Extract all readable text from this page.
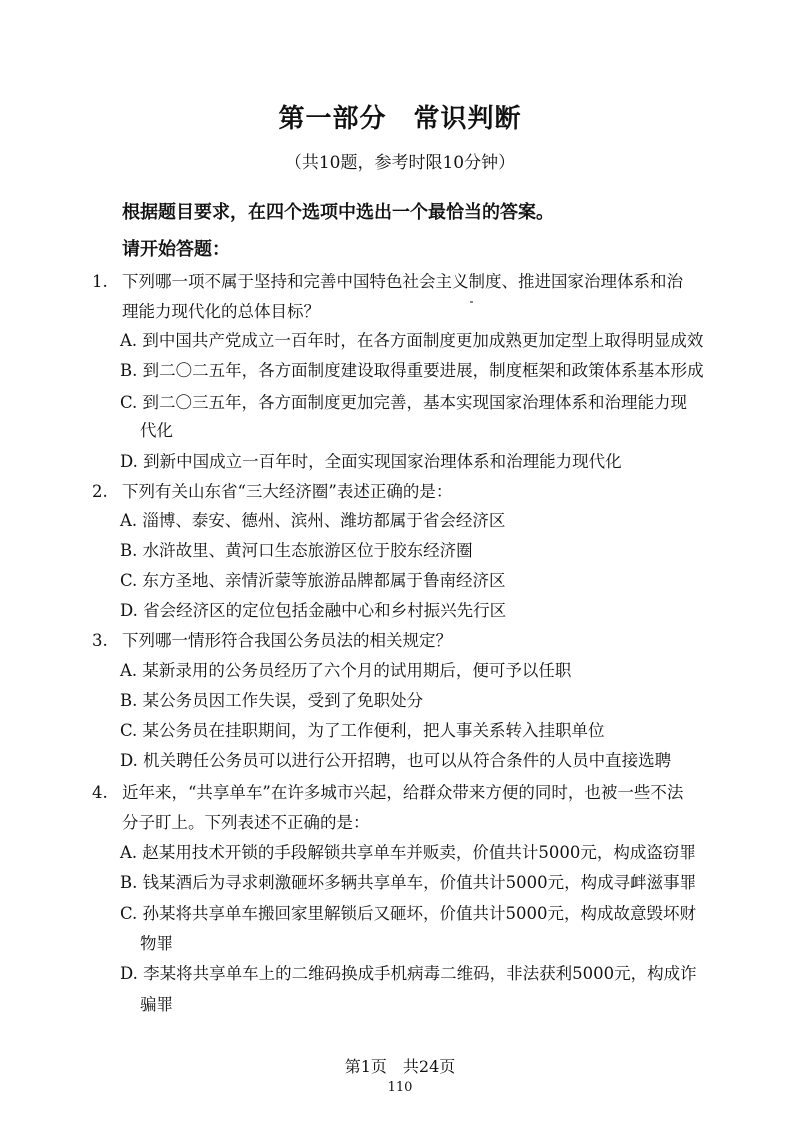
第一部分　常识判断
（共10题，参考时限10分钟）
根据题目要求，在四个选项中选出一个最恰当的答案。
请开始答题：
1. 下列哪一项不属于坚持和完善中国特色社会主义制度、推进国家治理体系和治
理能力现代化的总体目标？
A. 到中国共产党成立一百年时，在各方面制度更加成熟更加定型上取得明显成效
B. 到二〇二五年，各方面制度建设取得重要进展，制度框架和政策体系基本形成
C. 到二〇三五年，各方面制度更加完善，基本实现国家治理体系和治理能力现
代化
D. 到新中国成立一百年时，全面实现国家治理体系和治理能力现代化
2. 下列有关山东省“三大经济圈”表述正确的是：
A. 淄博、泰安、德州、滨州、潍坊都属于省会经济区
B. 水浒故里、黄河口生态旅游区位于胶东经济圈
C. 东方圣地、亲情沂蒙等旅游品牌都属于鲁南经济区
D. 省会经济区的定位包括金融中心和乡村振兴先行区
3. 下列哪一情形符合我国公务员法的相关规定？
A. 某新录用的公务员经历了六个月的试用期后，便可予以任职
B. 某公务员因工作失误，受到了免职处分
C. 某公务员在挂职期间，为了工作便利，把人事关系转入挂职单位
D. 机关聘任公务员可以进行公开招聘，也可以从符合条件的人员中直接选聘
4. 近年来，“共享单车”在许多城市兴起，给群众带来方便的同时，也被一些不法
分子盯上。下列表述不正确的是：
A. 赵某用技术开锁的手段解锁共享单车并贩卖，价值共计5000元，构成盗窃罪
B. 钱某酒后为寻求刺激砸坏多辆共享单车，价值共计5000元，构成寻衅滋事罪
C. 孙某将共享单车搬回家里解锁后又砸坏，价值共计5000元，构成故意毁坏财
物罪
D. 李某将共享单车上的二维码换成手机病毒二维码，非法获利5000元，构成诈
骗罪
第1页　共24页
110
